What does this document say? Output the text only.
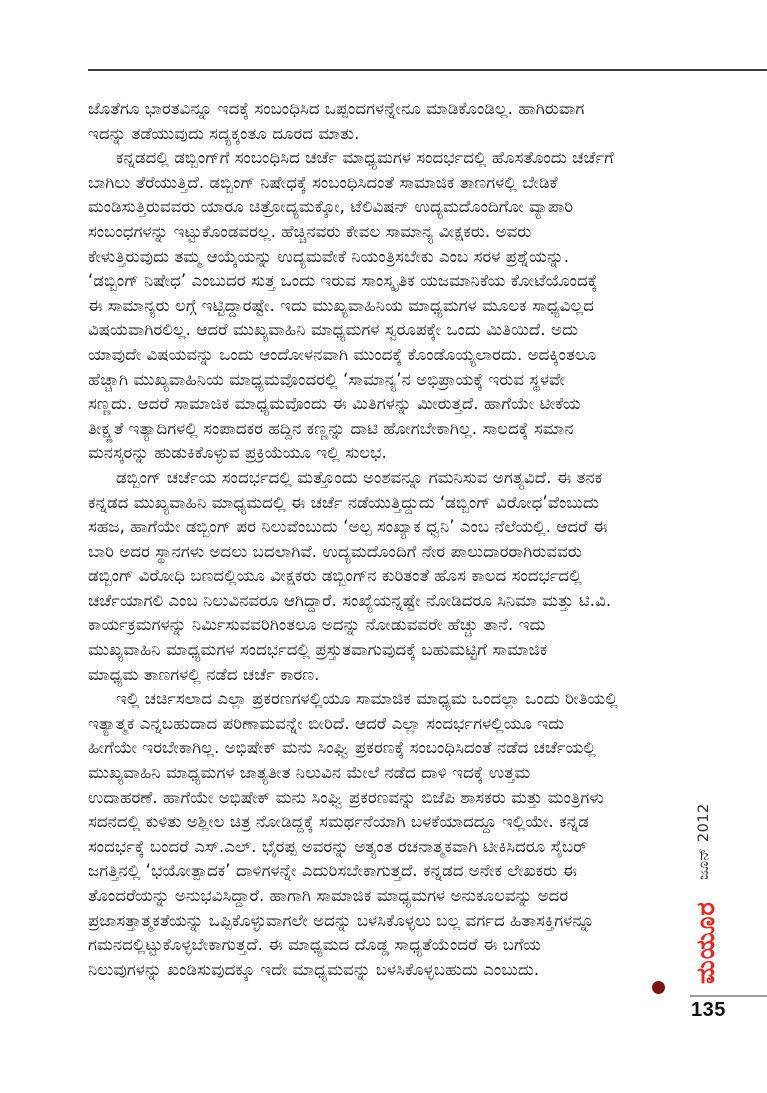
ಜೊತೆಗೂ ಭಾರತವಿನ್ನೂ ಇದಕ್ಕೆ ಸಂಬಂಧಿಸಿದ ಒಪ್ಪಂದಗಳನ್ನೇನೂ ಮಾಡಿಕೊಂಡಿಲ್ಲ. ಹಾಗಿರುವಾಗ
ಇದನ್ನು ತಡೆಯುವುದು ಸದ್ಯಕ್ಕಂತೂ ದೂರದ ಮಾತು.
ಕನ್ನಡದಲ್ಲಿ ಡಬ್ಬಿಂಗ್‌ಗೆ ಸಂಬಂಧಿಸಿದ ಚರ್ಚೆ ಮಾಧ್ಯಮಗಳ ಸಂದರ್ಭದಲ್ಲಿ ಹೊಸತೊಂದು ಚರ್ಚೆಗೆ
ಬಾಗಿಲು ತೆರೆಯುತ್ತಿದೆ. ಡಬ್ಬಿಂಗ್ ನಿಷೇಧಕ್ಕೆ ಸಂಬಂಧಿಸಿದಂತೆ ಸಾಮಾಜಿಕ ತಾಣಗಳಲ್ಲಿ ಬೇಡಿಕೆ
ಮಂಡಿಸುತ್ತಿರುವವರು ಯಾರೂ ಚಿತ್ರೋದ್ಯಮಕ್ಕೋ, ಟೆಲಿವಿಷನ್ ಉದ್ಯಮದೊಂದಿಗೋ ವ್ಯಾಪಾರಿ
ಸಂಬಂಧಗಳನ್ನು ಇಟ್ಟುಕೊಂಡವರಲ್ಲ. ಹೆಚ್ಚಿನವರು ಕೇವಲ ಸಾಮಾನ್ಯ ವೀಕ್ಷಕರು. ಅವರು
ಕೇಳುತ್ತಿರುವುದು ತಮ್ಮ ಆಯ್ಕೆಯನ್ನು ಉದ್ಯಮವೇಕೆ ನಿಯಂತ್ರಿಸಬೇಕು ಎಂಬ ಸರಳ ಪ್ರಶ್ನೆಯನ್ನು.
‘ಡಬ್ಬಿಂಗ್ ನಿಷೇಧ’ ಎಂಬುದರ ಸುತ್ತ ಒಂದು ಇರುವ ಸಾಂಸ್ಕೃತಿಕ ಯಜಮಾನಿಕೆಯ ಕೋಟೆಯೊಂದಕ್ಕೆ
ಈ ಸಾಮಾನ್ಯರು ಲಗ್ಗೆ ಇಟ್ಟಿದ್ದಾರಷ್ಟೇ. ಇದು ಮುಖ್ಯವಾಹಿನಿಯ ಮಾಧ್ಯಮಗಳ ಮೂಲಕ ಸಾಧ್ಯವಿಲ್ಲದ
ವಿಷಯವಾಗಿರಲಿಲ್ಲ. ಆದರೆ ಮುಖ್ಯವಾಹಿನಿ ಮಾಧ್ಯಮಗಳ ಸ್ವರೂಪಕ್ಕೇ ಒಂದು ಮಿತಿಯಿದೆ. ಅದು
ಯಾವುದೇ ವಿಷಯವನ್ನು ಒಂದು ಆಂದೋಳನವಾಗಿ ಮುಂದಕ್ಕೆ ಕೊಂಡೊಯ್ಯಲಾರದು. ಅದಕ್ಕಿಂತಲೂ
ಹೆಚ್ಚಾಗಿ ಮುಖ್ಯವಾಹಿನಿಯ ಮಾಧ್ಯಮವೊಂದರಲ್ಲಿ ‘ಸಾಮಾನ್ಯ’ನ ಅಭಿಪ್ರಾಯಕ್ಕೆ ಇರುವ ಸ್ಥಳವೇ
ಸಣ್ಣದು. ಆದರೆ ಸಾಮಾಜಿಕ ಮಾಧ್ಯಮವೊಂದು ಈ ಮಿತಿಗಳನ್ನು ಮೀರುತ್ತದೆ. ಹಾಗೆಯೇ ಟೀಕೆಯ
ತೀಕ್ಷ್ಣತೆ ಇತ್ಯಾದಿಗಳಲ್ಲಿ ಸಂಪಾದಕರ ಹದ್ದಿನ ಕಣ್ಣನ್ನು ದಾಟಿ ಹೋಗಬೇಕಾಗಿಲ್ಲ. ಸಾಲದಕ್ಕೆ ಸಮಾನ
ಮನಸ್ಕರನ್ನು ಹುಡುಕಿಕೊಳ್ಳುವ ಪ್ರಕ್ರಿಯೆಯೂ ಇಲ್ಲಿ ಸುಲಭ.
ಡಬ್ಬಿಂಗ್ ಚರ್ಚೆಯ ಸಂದರ್ಭದಲ್ಲಿ ಮತ್ತೊಂದು ಅಂಶವನ್ನೂ ಗಮನಿಸುವ ಅಗತ್ಯವಿದೆ. ಈ ತನಕ
ಕನ್ನಡದ ಮುಖ್ಯವಾಹಿನಿ ಮಾಧ್ಯಮದಲ್ಲಿ ಈ ಚರ್ಚೆ ನಡೆಯುತ್ತಿದ್ದುದು ‘ಡಬ್ಬಿಂಗ್ ವಿರೋಧ’ವೆಂಬುದು
ಸಹಜ, ಹಾಗೆಯೇ ಡಬ್ಬಿಂಗ್ ಪರ ನಿಲುವೆಂಬುದು ‘ಅಲ್ಪ ಸಂಖ್ಯಾಕ ಧ್ವನಿ’ ಎಂಬ ನೆಲೆಯಲ್ಲಿ. ಆದರೆ ಈ
ಬಾರಿ ಅದರ ಸ್ಥಾನಗಳು ಅದಲು ಬದಲಾಗಿವೆ. ಉದ್ಯಮದೊಂದಿಗೆ ನೇರ ಪಾಲುದಾರರಾಗಿರುವವರು
ಡಬ್ಬಿಂಗ್ ವಿರೋಧಿ ಬಣದಲ್ಲಿಯೂ ವೀಕ್ಷಕರು ಡಬ್ಬಿಂಗ್‌ನ ಕುರಿತಂತೆ ಹೊಸ ಕಾಲದ ಸಂದರ್ಭದಲ್ಲಿ
ಚರ್ಚೆಯಾಗಲಿ ಎಂಬ ನಿಲುವಿನವರೂ ಆಗಿದ್ದಾರೆ. ಸಂಖ್ಯೆಯನ್ನಷ್ಟೇ ನೋಡಿದರೂ ಸಿನಿಮಾ ಮತ್ತು ಟಿ.ವಿ.
ಕಾರ್ಯಕ್ರಮಗಳನ್ನು ನಿರ್ಮಿಸುವವರಿಗಿಂತಲೂ ಅದನ್ನು ನೋಡುವವರೇ ಹೆಚ್ಚು ತಾನೆ. ಇದು
ಮುಖ್ಯವಾಹಿನಿ ಮಾಧ್ಯಮಗಳ ಸಂದರ್ಭದಲ್ಲಿ ಪ್ರಸ್ತುತವಾಗುವುದಕ್ಕೆ ಬಹುಮಟ್ಟಿಗೆ ಸಾಮಾಜಿಕ
ಮಾಧ್ಯಮ ತಾಣಗಳಲ್ಲಿ ನಡೆದ ಚರ್ಚೆ ಕಾರಣ.
ಇಲ್ಲಿ ಚರ್ಚಿಸಲಾದ ಎಲ್ಲಾ ಪ್ರಕರಣಗಳಲ್ಲಿಯೂ ಸಾಮಾಜಿಕ ಮಾಧ್ಯಮ ಒಂದಲ್ಲಾ ಒಂದು ರೀತಿಯಲ್ಲಿ
ಇತ್ಯಾತ್ಮಕ ಎನ್ನಬಹುದಾದ ಪರಿಣಾಮವನ್ನೇ ಬೀರಿದೆ. ಆದರೆ ಎಲ್ಲಾ ಸಂದರ್ಭಗಳಲ್ಲಿಯೂ ಇದು
ಹೀಗೆಯೇ ಇರಬೇಕಾಗಿಲ್ಲ. ಅಭಿಷೇಕ್ ಮನು ಸಿಂಘ್ವಿ ಪ್ರಕರಣಕ್ಕೆ ಸಂಬಂಧಿಸಿದಂತೆ ನಡೆದ ಚರ್ಚೆಯಲ್ಲಿ
ಮುಖ್ಯವಾಹಿನಿ ಮಾಧ್ಯಮಗಳ ಜಾತ್ಯತೀತ ನಿಲುವಿನ ಮೇಲೆ ನಡೆದ ದಾಳಿ ಇದಕ್ಕೆ ಉತ್ತಮ
ಉದಾಹರಣೆ. ಹಾಗೆಯೇ ಅಭಿಷೇಕ್ ಮನು ಸಿಂಘ್ವಿ ಪ್ರಕರಣವನ್ನು ಬಿಜೆಪಿ ಶಾಸಕರು ಮತ್ತು ಮಂತ್ರಿಗಳು
ಸದನದಲ್ಲಿ ಕುಳಿತು ಅಶ್ಲೀಲ ಚಿತ್ರ ನೋಡಿದ್ದಕ್ಕೆ ಸಮರ್ಥನೆಯಾಗಿ ಬಳಕೆಯಾದದ್ದೂ ಇಲ್ಲಿಯೇ. ಕನ್ನಡ
ಸಂದರ್ಭಕ್ಕೆ ಬಂದರೆ ಎಸ್.ಎಲ್. ಭೈರಪ್ಪ ಅವರನ್ನು ಅತ್ಯಂತ ರಚನಾತ್ಮಕವಾಗಿ ಟೀಕಿಸಿದರೂ ಸೈಬರ್
ಜಗತ್ತಿನಲ್ಲಿ ‘ಭಯೋತ್ಪಾದಕ’ ದಾಳಿಗಳನ್ನೇ ಎದುರಿಸಬೇಕಾಗುತ್ತದೆ. ಕನ್ನಡದ ಅನೇಕ ಲೇಖಕರು ಈ
ತೊಂದರೆಯನ್ನು ಅನುಭವಿಸಿದ್ದಾರೆ. ಹಾಗಾಗಿ ಸಾಮಾಜಿಕ ಮಾಧ್ಯಮಗಳ ಅನುಕೂಲವನ್ನು ಅದರ
ಪ್ರಜಾಸತ್ತಾತ್ಮಕತೆಯನ್ನು ಒಪ್ಪಿಕೊಳ್ಳುವಾಗಲೇ ಅದನ್ನು ಬಳಸಿಕೊಳ್ಳಲು ಬಲ್ಲ ವರ್ಗದ ಹಿತಾಸಕ್ತಿಗಳನ್ನೂ
ಗಮನದಲ್ಲಿಟ್ಟುಕೊಳ್ಳಬೇಕಾಗುತ್ತದೆ. ಈ ಮಾಧ್ಯಮದ ದೊಡ್ಡ ಸಾಧ್ಯತೆಯೆಂದರೆ ಈ ಬಗೆಯ
ನಿಲುವುಗಳನ್ನು ಖಂಡಿಸುವುದಕ್ಕೂ ಇದೇ ಮಾಧ್ಯಮವನ್ನು ಬಳಸಿಕೊಳ್ಳಬಹುದು ಎಂಬುದು.
ಜೂನ್ 2012
ಮಯೂರ
135
